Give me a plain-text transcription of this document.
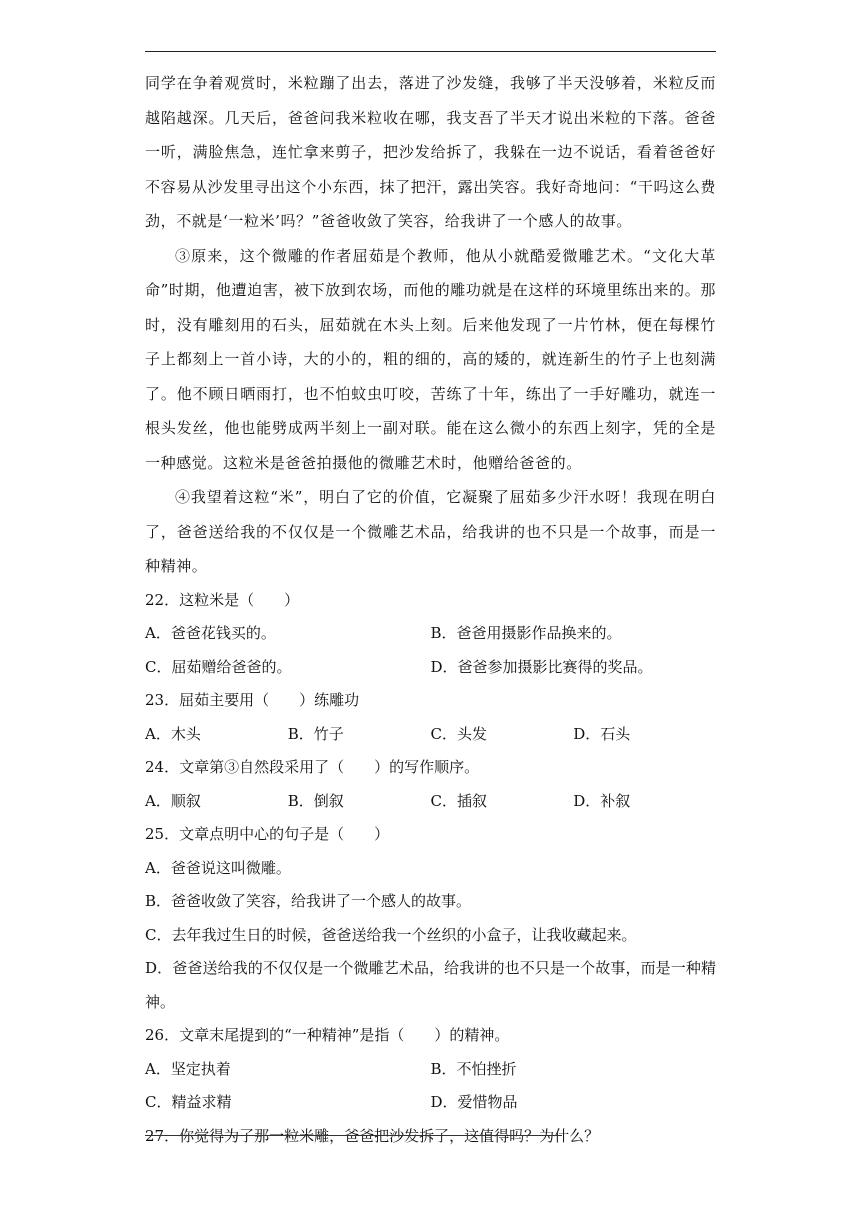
同学在争着观赏时，米粒蹦了出去，落进了沙发缝，我够了半天没够着，米粒反而越陷越深。几天后，爸爸问我米粒收在哪，我支吾了半天才说出米粒的下落。爸爸一听，满脸焦急，连忙拿来剪子，把沙发给拆了，我躲在一边不说话，看着爸爸好不容易从沙发里寻出这个小东西，抹了把汗，露出笑容。我好奇地问：“干吗这么费劲，不就是‘一粒米’吗？”爸爸收敛了笑容，给我讲了一个感人的故事。

③原来，这个微雕的作者屈茹是个教师，他从小就酷爱微雕艺术。“文化大革命”时期，他遭迫害，被下放到农场，而他的雕功就是在这样的环境里练出来的。那时，没有雕刻用的石头，屈茹就在木头上刻。后来他发现了一片竹林，便在每棵竹子上都刻上一首小诗，大的小的，粗的细的，高的矮的，就连新生的竹子上也刻满了。他不顾日晒雨打，也不怕蚊虫叮咬，苦练了十年，练出了一手好雕功，就连一根头发丝，他也能劈成两半刻上一副对联。能在这么微小的东西上刻字，凭的全是一种感觉。这粒米是爸爸拍摄他的微雕艺术时，他赠给爸爸的。

④我望着这粒“米”，明白了它的价值，它凝聚了屈茹多少汗水呀！我现在明白了，爸爸送给我的不仅仅是一个微雕艺术品，给我讲的也不只是一个故事，而是一种精神。

22．这粒米是（　　）

A．爸爸花钱买的。	B．爸爸用摄影作品换来的。
C．屈茹赠给爸爸的。	D．爸爸参加摄影比赛得的奖品。

23．屈茹主要用（　　）练雕功

A．木头	B．竹子	C．头发	D．石头

24．文章第③自然段采用了（　　）的写作顺序。

A．顺叙	B．倒叙	C．插叙	D．补叙

25．文章点明中心的句子是（　　）

A．爸爸说这叫微雕。
B．爸爸收敛了笑容，给我讲了一个感人的故事。
C．去年我过生日的时候，爸爸送给我一个丝织的小盒子，让我收藏起来。
D．爸爸送给我的不仅仅是一个微雕艺术品，给我讲的也不只是一个故事，而是一种精神。

26．文章末尾提到的“一种精神”是指（　　）的精神。

A．坚定执着	B．不怕挫折
C．精益求精	D．爱惜物品

27．你觉得为了那一粒米雕，爸爸把沙发拆了，这值得吗？为什么？
